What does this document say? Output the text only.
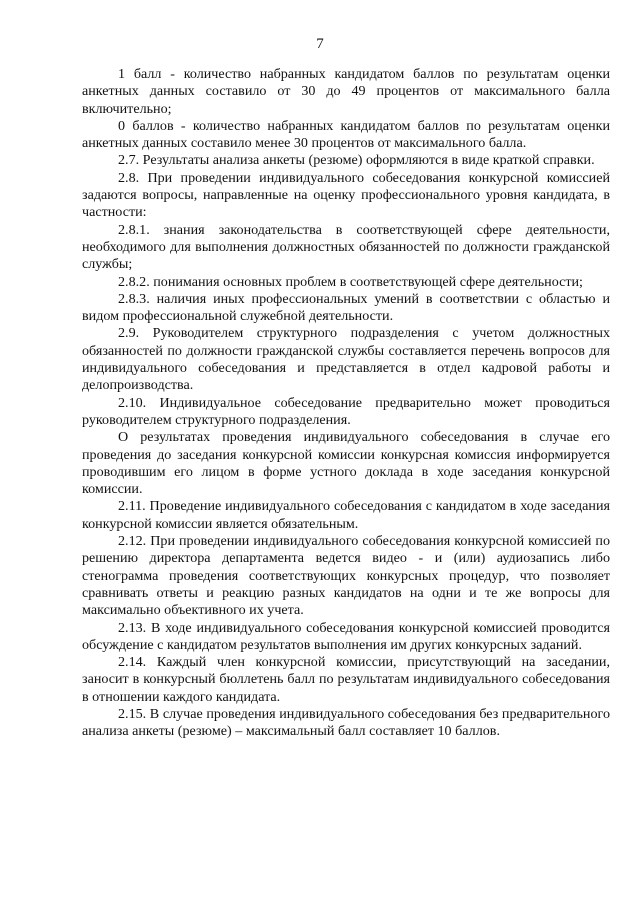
7

1 балл - количество набранных кандидатом баллов по результатам оценки анкетных данных составило от 30 до 49 процентов от максимального балла включительно;

0 баллов - количество набранных кандидатом баллов по результатам оценки анкетных данных составило менее 30 процентов от максимального балла.

2.7. Результаты анализа анкеты (резюме) оформляются в виде краткой справки.

2.8. При проведении индивидуального собеседования конкурсной комиссией задаются вопросы, направленные на оценку профессионального уровня кандидата, в частности:

2.8.1. знания законодательства в соответствующей сфере деятельности, необходимого для выполнения должностных обязанностей по должности гражданской службы;

2.8.2. понимания основных проблем в соответствующей сфере деятельности;

2.8.3. наличия иных профессиональных умений в соответствии с областью и видом профессиональной служебной деятельности.

2.9. Руководителем структурного подразделения с учетом должностных обязанностей по должности гражданской службы составляется перечень вопросов для индивидуального собеседования и представляется в отдел кадровой работы и делопроизводства.

2.10. Индивидуальное собеседование предварительно может проводиться руководителем структурного подразделения.

О результатах проведения индивидуального собеседования в случае его проведения до заседания конкурсной комиссии конкурсная комиссия информируется проводившим его лицом в форме устного доклада в ходе заседания конкурсной комиссии.

2.11. Проведение индивидуального собеседования с кандидатом в ходе заседания конкурсной комиссии является обязательным.

2.12. При проведении индивидуального собеседования конкурсной комиссией по решению директора департамента ведется видео - и (или) аудиозапись либо стенограмма проведения соответствующих конкурсных процедур, что позволяет сравнивать ответы и реакцию разных кандидатов на одни и те же вопросы для максимально объективного их учета.

2.13. В ходе индивидуального собеседования конкурсной комиссией проводится обсуждение с кандидатом результатов выполнения им других конкурсных заданий.

2.14. Каждый член конкурсной комиссии, присутствующий на заседании, заносит в конкурсный бюллетень балл по результатам индивидуального собеседования в отношении каждого кандидата.

2.15. В случае проведения индивидуального собеседования без предварительного анализа анкеты (резюме) – максимальный балл составляет 10 баллов.
